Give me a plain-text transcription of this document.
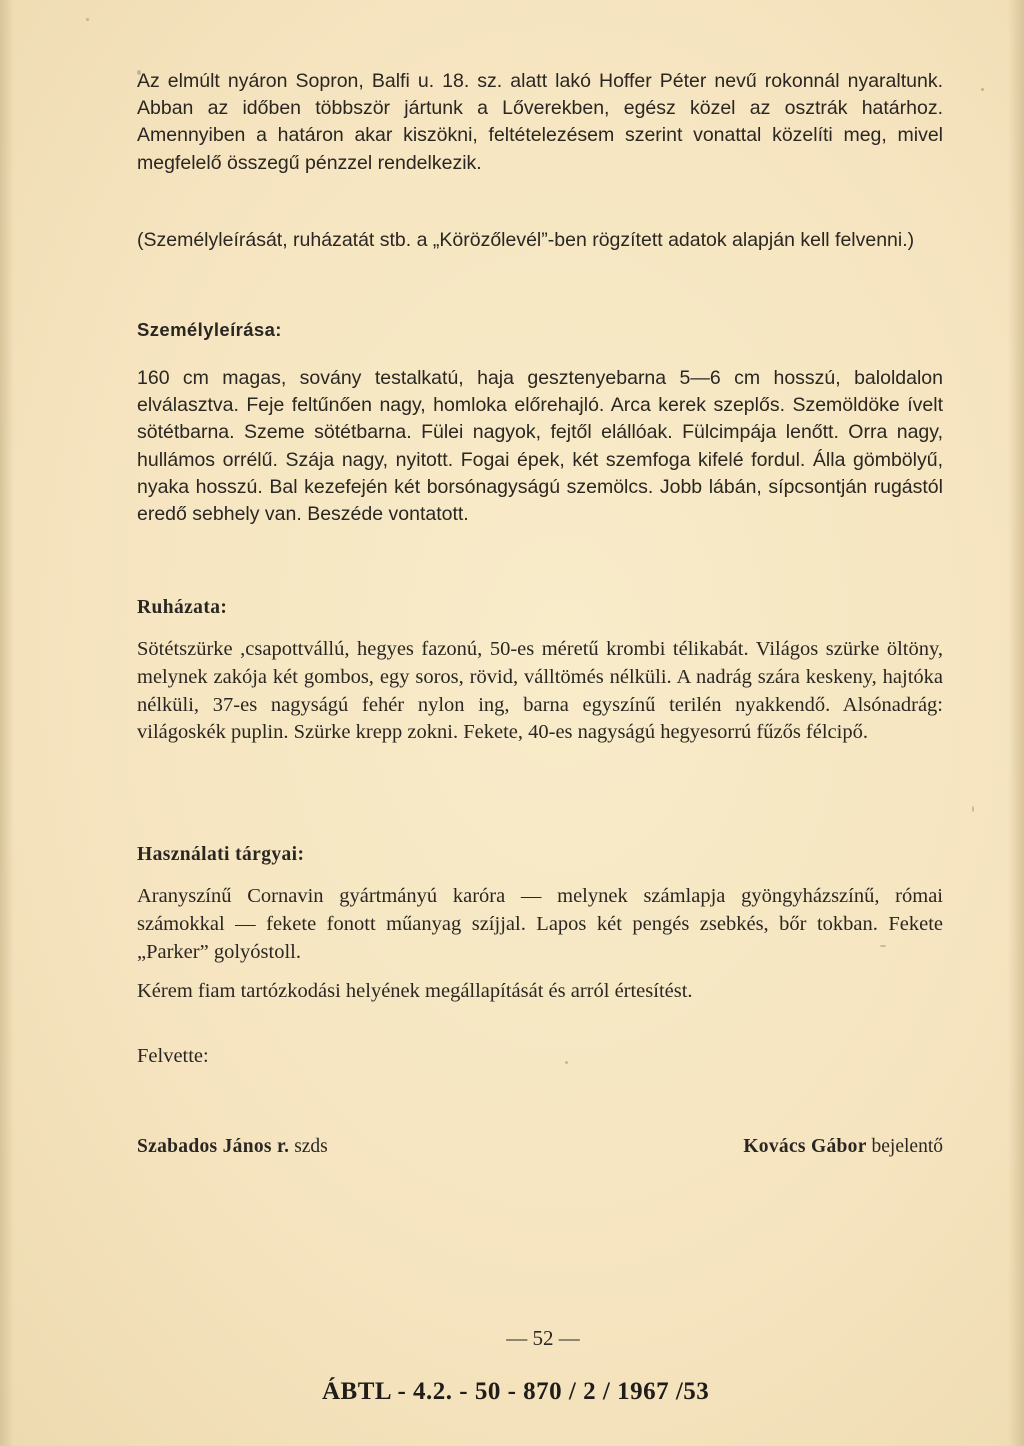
Az elmúlt nyáron Sopron, Balfi u. 18. sz. alatt lakó Hoffer Péter nevű rokonnál nyaraltunk. Abban az időben többször jártunk a Lőverekben, egész közel az osztrák határhoz. Amennyiben a határon akar kiszökni, feltételezésem szerint vonattal közelíti meg, mivel megfelelő összegű pénzzel rendelkezik.

(Személyleírását, ruházatát stb. a „Körözőlevél”-ben rögzített adatok alapján kell felvenni.)

Személyleírása:

160 cm magas, sovány testalkatú, haja gesztenyebarna 5—6 cm hosszú, baloldalon elválasztva. Feje feltűnően nagy, homloka előrehajló. Arca kerek szeplős. Szemöldöke ívelt sötétbarna. Szeme sötétbarna. Fülei nagyok, fejtől elállóak. Fülcimpája lenőtt. Orra nagy, hullámos orrélű. Szája nagy, nyitott. Fogai épek, két szemfoga kifelé fordul. Álla gömbölyű, nyaka hosszú. Bal kezefején két borsónagyságú szemölcs. Jobb lábán, sípcsontján rugástól eredő sebhely van. Beszéde vontatott.

Ruházata:

Sötétszürke ,csapottvállú, hegyes fazonú, 50-es méretű krombi télikabát. Világos szürke öltöny, melynek zakója két gombos, egy soros, rövid, válltömés nélküli. A nadrág szára keskeny, hajtóka nélküli, 37-es nagyságú fehér nylon ing, barna egyszínű terilén nyakkendő. Alsónadrág: világoskék puplin. Szürke krepp zokni. Fekete, 40-es nagyságú hegyesorrú fűzős félcipő.

Használati tárgyai:

Aranyszínű Cornavin gyártmányú karóra — melynek számlapja gyöngyházszínű, római számokkal — fekete fonott műanyag szíjjal. Lapos két pengés zsebkés, bőr tokban. Fekete „Parker” golyóstoll.

Kérem fiam tartózkodási helyének megállapítását és arról értesítést.

Felvette:

Szabados János r. szds	Kovács Gábor bejelentő
— 52 —
ÁBTL - 4.2. - 50 - 870 / 2 / 1967 /53
